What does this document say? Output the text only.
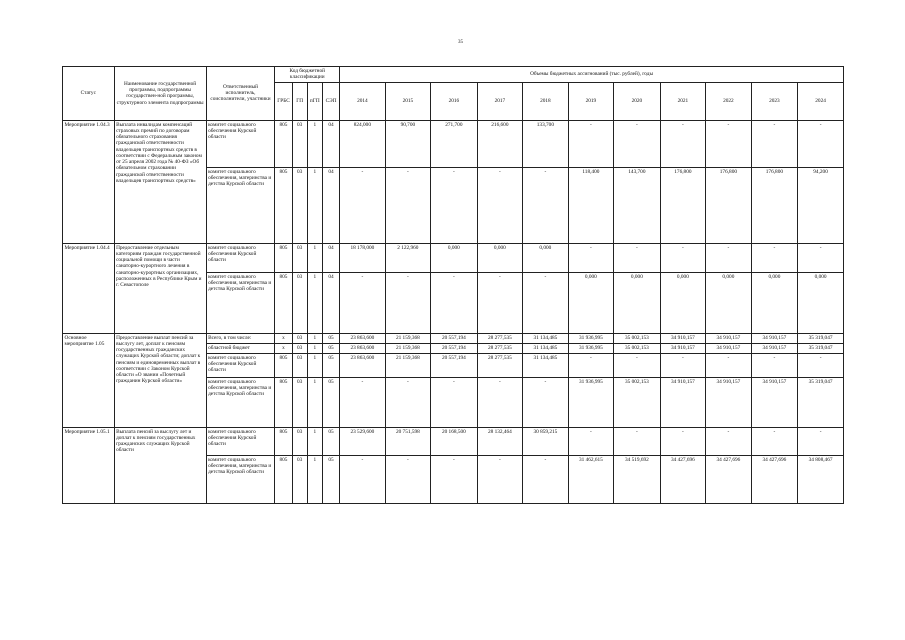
35
Статус	Наименование государственной программы, подпрограммы государствен-ной программы, структурного элемента подпрограммы	Ответственный исполнитель, соисполнители, участники	Код бюджетной классификации				Объемы бюджетных ассигнований (тыс. рублей), годы										
			ГРБС	ГП	пГП	СЭП	2014	2015	2016	2017	2018	2019	2020	2021	2022	2023	2024
Мероприятие 1.04.3	Выплата инвалидам компенсаций страховых премий по договорам обязательного страхования гражданской ответственности владельцев транспортных средств в соответствии с Федеральным законом от 25 апреля 2002 года № 40-ФЗ «Об обязательном страховании гражданской ответственности владельцев транспортных средств»	комитет социального обеспечения Курской области	805	03	1	04	824,000	90,700	271,700	216,600	133,700	-	-	-	-	-	-
		комитет социального обеспечения, материнства и детства Курской области	805	03	1	04	-	-	-	-	-	118,400	143,700	176,800	176,800	176,800	94,200
Мероприятие 1.04.4	Предоставление отдельным категориям граждан государственной социальной помощи в части санаторно-курортного лечения в санаторно-курортных организациях, расположенных в Республике Крым и г. Севастополе	комитет социального обеспечения Курской области	805	03	1	04	18 178,000	2 122,960	0,000	0,000	0,000	-	-	-	-	-	-
		комитет социального обеспечения, материнства и детства Курской области	805	03	1	04	-	-	-	-	-	0,000	0,000	0,000	0,000	0,000	0,000
Основное мероприятие 1.05	Предоставление выплат пенсий за выслугу лет, доплат к пенсиям государственных гражданских служащих Курской области; доплат к пенсиям и единовременных выплат в соответствии с Законом Курской области «О звании «Почетный гражданин Курской области»	Всего, в том числе:	х	03	1	05	23 863,600	21 159,368	20 557,194	28 277,535	31 134,485	31 936,995	35 002,153	34 910,157	34 910,157	34 910,157	35 319,047
		областной бюджет	х	03	1	05	23 863,600	21 159,368	20 557,194	28 277,535	31 134,485	31 936,995	35 002,153	34 910,157	34 910,157	34 910,157	35 319,047
		комитет социального обеспечения Курской области	805	03	1	05	23 863,600	21 159,368	20 557,194	28 277,535	31 134,485	-	-	-	-	-	-
		комитет социального обеспечения, материнства и детства Курской области	805	03	1	05	-	-	-	-	-	31 936,995	35 002,153	34 910,157	34 910,157	34 910,157	35 319,047
Мероприятие 1.05.1	Выплата пенсий за выслугу лет и доплат к пенсиям государственных гражданских служащих Курской области	комитет социального обеспечения Курской области	805	03	1	05	23 529,600	20 751,598	20 168,500	28 132,464	30 859,215	-	-	-	-	-	-
		комитет социального обеспечения, материнства и детства Курской области	805	03	1	05	-	-	-	-	-	31 462,615	34 519,692	34 427,696	34 427,696	34 427,696	34 808,467
